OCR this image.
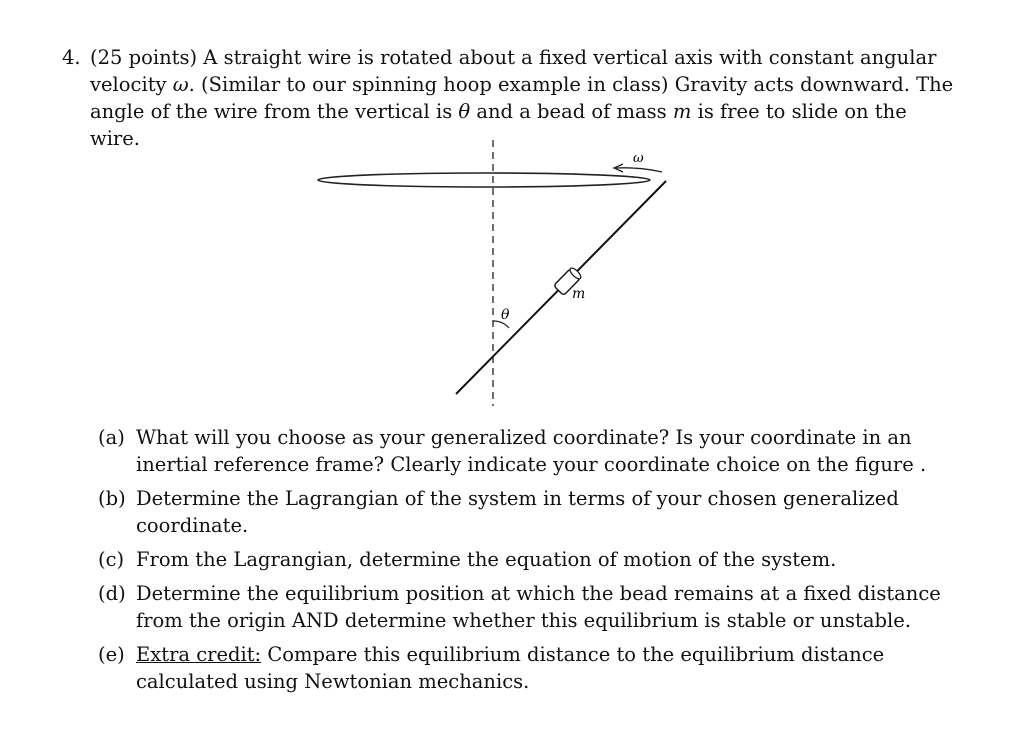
4. (25 points) A straight wire is rotated about a fixed vertical axis with constant angular velocity ω. (Similar to our spinning hoop example in class) Gravity acts downward. The angle of the wire from the vertical is θ and a bead of mass m is free to slide on the wire.
ω
m
θ
(a) What will you choose as your generalized coordinate? Is your coordinate in an inertial reference frame? Clearly indicate your coordinate choice on the figure .
(b) Determine the Lagrangian of the system in terms of your chosen generalized coordinate.
(c) From the Lagrangian, determine the equation of motion of the system.
(d) Determine the equilibrium position at which the bead remains at a fixed distance from the origin AND determine whether this equilibrium is stable or unstable.
(e) Extra credit: Compare this equilibrium distance to the equilibrium distance calculated using Newtonian mechanics.
